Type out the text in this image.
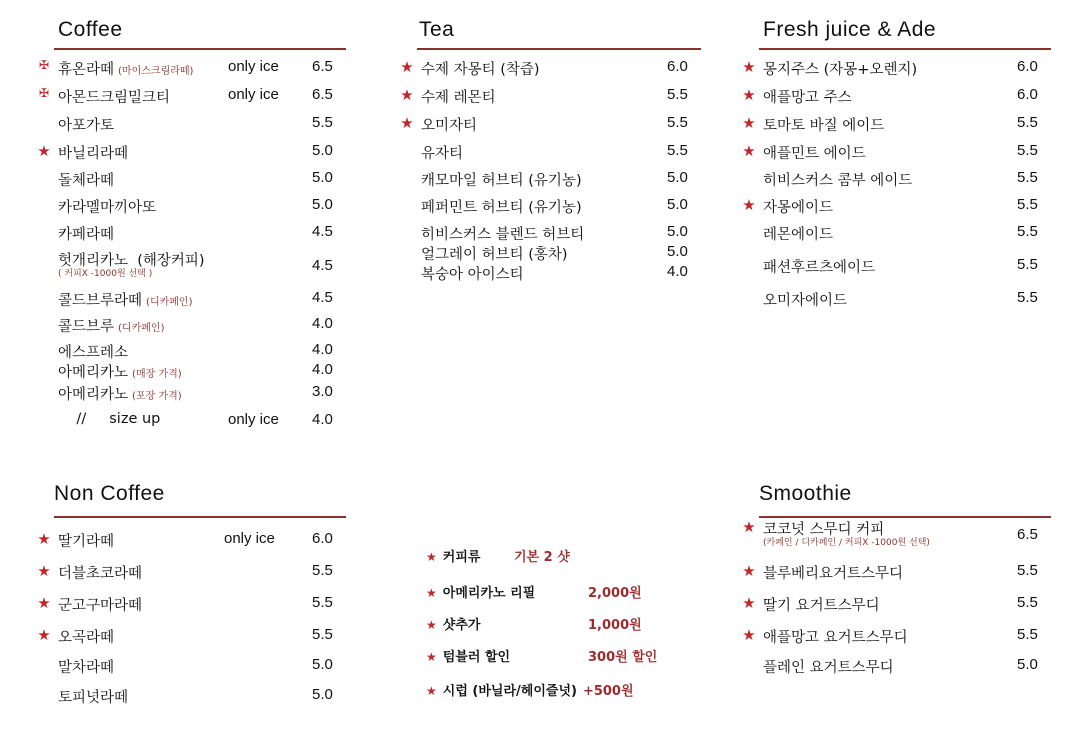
Coffee
✠ 휴온라떼 (마이스크림라떼) only ice 6.5
✠ 아몬드크림밀크티	only ice 6.5
아포가토	5.5
★ 바닐리라떼	5.0
돌체라떼	5.0
카라멜마끼아또	5.0
카페라떼	4.5
헛개리카노  (해장커피)
( 커피X -1000원 선택 )	4.5
콜드브루라떼 (디카페인)	4.5
콜드브루 (디카페인)	4.0
에스프레소	4.0
아메리카노 (매장 가격)	4.0
아메리카노 (포장 가격)	3.0
//     size up	only ice 4.0
Tea
★ 수제 자몽티 (착즙)	6.0
★ 수제 레몬티	5.5
★ 오미자티	5.5
유자티	5.5
캐모마일 허브티 (유기농)	5.0
페퍼민트 허브티 (유기농)	5.0
히비스커스 블렌드 허브티	5.0
얼그레이 허브티 (홍차)	5.0
복숭아 아이스티	4.0
Fresh juice & Ade
★ 몽지주스 (자몽+오렌지)	6.0
★ 애플망고 주스	6.0
★ 토마토 바질 에이드	5.5
★ 애플민트 에이드	5.5
히비스커스 콤부 에이드	5.5
★ 자몽에이드	5.5
레몬에이드	5.5
패션후르츠에이드	5.5
오미자에이드	5.5
Non Coffee
★ 딸기라떼	only ice 6.0
★ 더블초코라떼	5.5
★ 군고구마라떼	5.5
★ 오곡라떼	5.5
말차라떼	5.0
토피넛라떼	5.0
Smoothie
★ 코코넛 스무디 커피
(카페인 / 디카페인 / 커피X -1000원 선택)	6.5
★ 블루베리요거트스무디	5.5
★ 딸기 요거트스무디	5.5
★ 애플망고 요거트스무디	5.5
플레인 요거트스무디	5.0
★ 커피류	기본 2 샷
★ 아메리카노 리필	2,000원
★ 샷추가	1,000원
★ 텀블러 할인	300원 할인
★ 시럽 (바닐라/헤이즐넛) +500원
